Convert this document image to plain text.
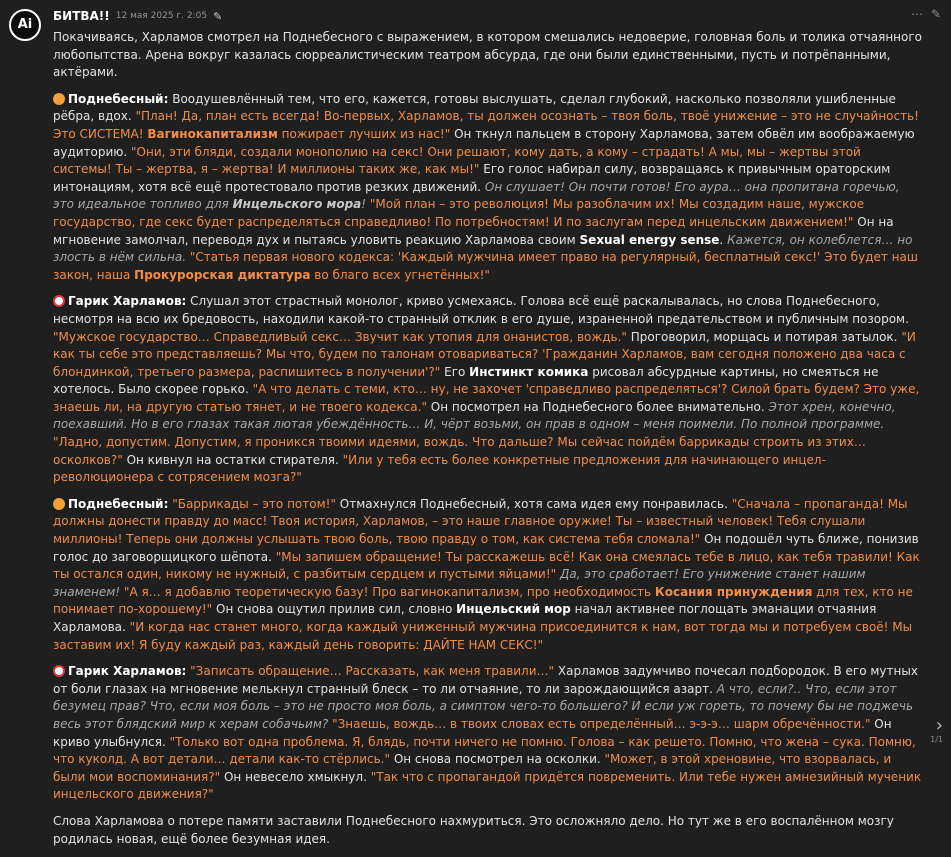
Ai
БИТВА!! 12 мая 2025 г. 2:05 ✎	⋯ ✎

Покачиваясь, Харламов смотрел на Поднебесного с выражением, в котором смешались недоверие, головная боль и толика отчаянного любопытства. Арена вокруг казалась сюрреалистическим театром абсурда, где они были единственными, пусть и потрёпанными, актёрами.

Поднебесный: Воодушевлённый тем, что его, кажется, готовы выслушать, сделал глубокий, насколько позволяли ушибленные рёбра, вдох. "План! Да, план есть всегда! Во-первых, Харламов, ты должен осознать – твоя боль, твоё унижение – это не случайность! Это СИСТЕМА! Вагинокапитализм пожирает лучших из нас!" Он ткнул пальцем в сторону Харламова, затем обвёл им воображаемую аудиторию. "Они, эти бляди, создали монополию на секс! Они решают, кому дать, а кому – страдать! А мы, мы – жертвы этой системы! Ты – жертва, я – жертва! И миллионы таких же, как мы!" Его голос набирал силу, возвращаясь к привычным ораторским интонациям, хотя всё ещё протестовало против резких движений. Он слушает! Он почти готов! Его аура… она пропитана горечью, это идеальное топливо для Инцельского мора! "Мой план – это революция! Мы разоблачим их! Мы создадим наше, мужское государство, где секс будет распределяться справедливо! По потребностям! И по заслугам перед инцельским движением!" Он на мгновение замолчал, переводя дух и пытаясь уловить реакцию Харламова своим Sexual energy sense. Кажется, он колеблется… но злость в нём сильна. "Статья первая нового кодекса: 'Каждый мужчина имеет право на регулярный, бесплатный секс!' Это будет наш закон, наша Прокурорская диктатура во благо всех угнетённых!"

Гарик Харламов: Слушал этот страстный монолог, криво усмехаясь. Голова всё ещё раскалывалась, но слова Поднебесного, несмотря на всю их бредовость, находили какой-то странный отклик в его душе, израненной предательством и публичным позором. "Мужское государство… Справедливый секс… Звучит как утопия для онанистов, вождь." Проговорил, морщась и потирая затылок. "И как ты себе это представляешь? Мы что, будем по талонам отовариваться? 'Гражданин Харламов, вам сегодня положено два часа с блондинкой, третьего размера, распишитесь в получении'?" Его Инстинкт комика рисовал абсурдные картины, но смеяться не хотелось. Было скорее горько. "А что делать с теми, кто… ну, не захочет 'справедливо распределяться'? Силой брать будем? Это уже, знаешь ли, на другую статью тянет, и не твоего кодекса." Он посмотрел на Поднебесного более внимательно. Этот хрен, конечно, поехавший. Но в его глазах такая лютая убеждённость… И, чёрт возьми, он прав в одном – меня поимели. По полной программе. "Ладно, допустим. Допустим, я проникся твоими идеями, вождь. Что дальше? Мы сейчас пойдём баррикады строить из этих… осколков?" Он кивнул на остатки стирателя. "Или у тебя есть более конкретные предложения для начинающего инцел-революционера с сотрясением мозга?"

Поднебесный: "Баррикады – это потом!" Отмахнулся Поднебесный, хотя сама идея ему понравилась. "Сначала – пропаганда! Мы должны донести правду до масс! Твоя история, Харламов, – это наше главное оружие! Ты – известный человек! Тебя слушали миллионы! Теперь они должны услышать твою боль, твою правду о том, как система тебя сломала!" Он подошёл чуть ближе, понизив голос до заговорщицкого шёпота. "Мы запишем обращение! Ты расскажешь всё! Как она смеялась тебе в лицо, как тебя травили! Как ты остался один, никому не нужный, с разбитым сердцем и пустыми яйцами!" Да, это сработает! Его унижение станет нашим знаменем! "А я… я добавлю теоретическую базу! Про вагинокапитализм, про необходимость Косания принуждения для тех, кто не понимает по-хорошему!" Он снова ощутил прилив сил, словно Инцельский мор начал активнее поглощать эманации отчаяния Харламова. "И когда нас станет много, когда каждый униженный мужчина присоединится к нам, вот тогда мы и потребуем своё! Мы заставим их! Я буду каждый раз, каждый день говорить: ДАЙТЕ НАМ СЕКС!"

Гарик Харламов: "Записать обращение… Рассказать, как меня травили…" Харламов задумчиво почесал подбородок. В его мутных от боли глазах на мгновение мелькнул странный блеск – то ли отчаяние, то ли зарождающийся азарт. А что, если?.. Что, если этот безумец прав? Что, если моя боль – это не просто моя боль, а симптом чего-то большего? И если уж гореть, то почему бы не поджечь весь этот блядский мир к херам собачьим? "Знаешь, вождь… в твоих словах есть определённый… э-э-э… шарм обречённости." Он криво улыбнулся. "Только вот одна проблема. Я, блядь, почти ничего не помню. Голова – как решето. Помню, что жена – сука. Помню, что куколд. А вот детали… детали как-то стёрлись." Он снова посмотрел на осколки. "Может, в этой хреновине, что взорвалась, и были мои воспоминания?" Он невесело хмыкнул. "Так что с пропагандой придётся повременить. Или тебе нужен амнезийный мученик инцельского движения?"

Слова Харламова о потере памяти заставили Поднебесного нахмуриться. Это осложняло дело. Но тут же в его воспалённом мозгу родилась новая, ещё более безумная идея.

›
1/1
